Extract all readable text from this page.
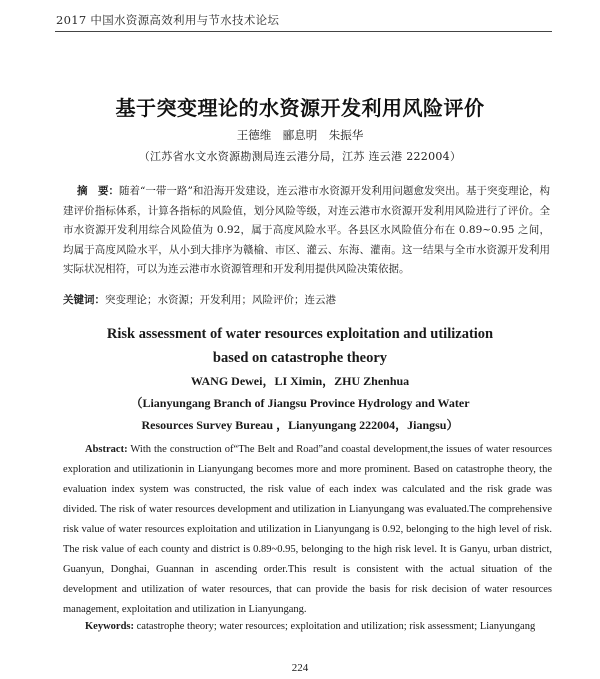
2017 中国水资源高效利用与节水技术论坛
基于突变理论的水资源开发利用风险评价
王德维　郦息明　朱振华
（江苏省水文水资源勘测局连云港分局，江苏 连云港 222004）
摘　要：随着“一带一路”和沿海开发建设，连云港市水资源开发利用问题愈发突出。基于突变理论，构建评价指标体系，计算各指标的风险值，划分风险等级，对连云港市水资源开发利用风险进行了评价。全市水资源开发利用综合风险值为 0.92，属于高度风险水平。各县区水风险值分布在 0.89~0.95 之间，均属于高度风险水平，从小到大排序为赣榆、市区、灌云、东海、灌南。这一结果与全市水资源开发利用实际状况相符，可以为连云港市水资源管理和开发利用提供风险决策依据。
关键词：突变理论；水资源；开发利用；风险评价；连云港
Risk assessment of water resources exploitation and utilization
based on catastrophe theory
WANG Dewei，LI Ximin，ZHU Zhenhua
（Lianyungang Branch of Jiangsu Province Hydrology and Water
Resources Survey Bureau ，Lianyungang 222004，Jiangsu）
Abstract: With the construction of“The Belt and Road”and coastal development,the issues of water resources exploration and utilizationin in Lianyungang becomes more and more prominent. Based on catastrophe theory, the evaluation index system was constructed, the risk value of each index was calculated and the risk grade was divided. The risk of water resources development and utilization in Lianyungang was evaluated.The comprehensive risk value of water resources exploitation and utilization in Lianyungang is 0.92, belonging to the high level of risk. The risk value of each county and district is 0.89~0.95, belonging to the high risk level. It is Ganyu, urban district, Guanyun, Donghai, Guannan in ascending order.This result is consistent with the actual situation of the development and utilization of water resources, that can provide the basis for risk decision of water resources management, exploitation and utilization in Lianyungang.
Keywords: catastrophe theory; water resources; exploitation and utilization; risk assessment; Lianyungang
224
